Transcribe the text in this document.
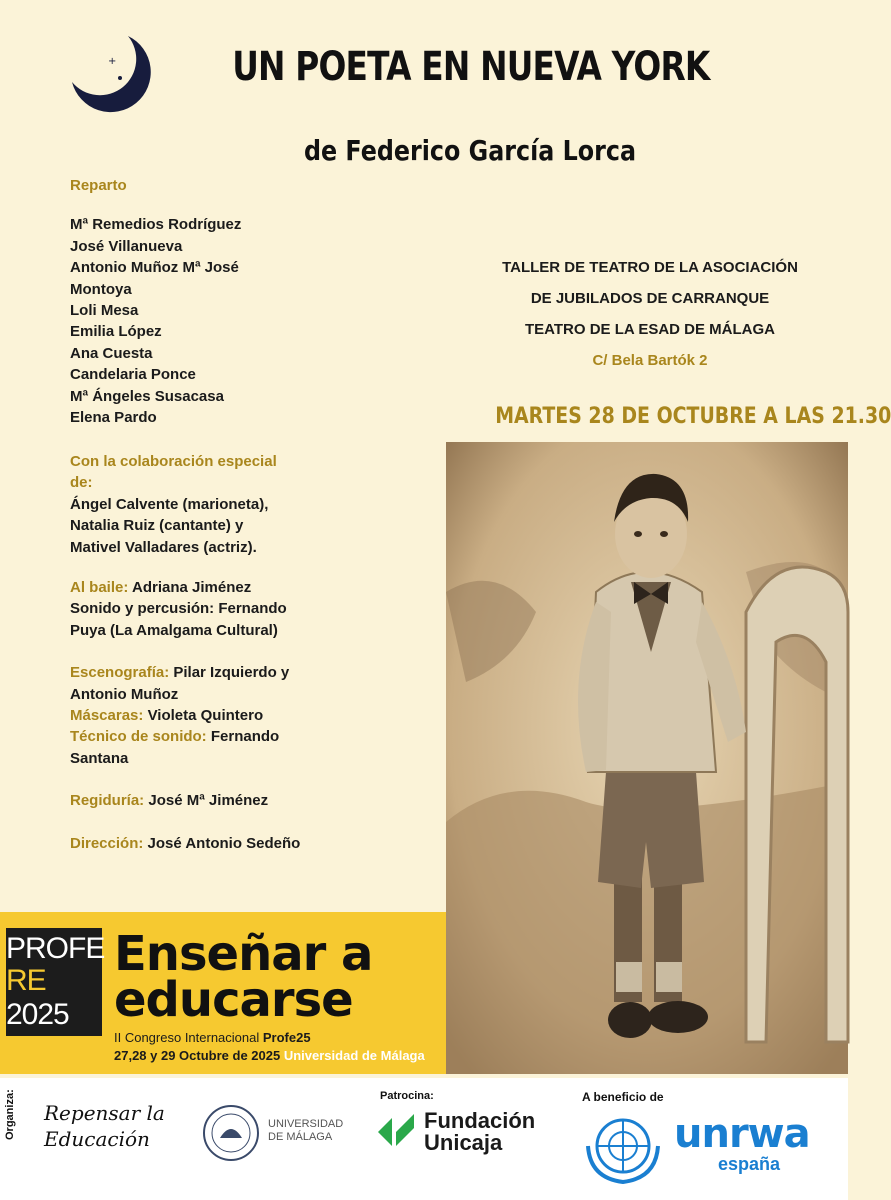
+	UN POETA EN NUEVA YORK
de Federico García Lorca
Reparto
Mª Remedios Rodríguez
José Villanueva
Antonio Muñoz Mª José
Montoya
Loli Mesa
Emilia López
Ana Cuesta
Candelaria Ponce
Mª Ángeles Susacasa
Elena Pardo
Con la colaboración especial
de:
Ángel Calvente (marioneta),
Natalia Ruiz (cantante) y
Mativel Valladares (actriz).
Al baile: Adriana Jiménez
Sonido y percusión: Fernando
Puya (La Amalgama Cultural)
Escenografía: Pilar Izquierdo y
Antonio Muñoz
Máscaras: Violeta Quintero
Técnico de sonido: Fernando
Santana
Regiduría: José Mª Jiménez
Dirección: José Antonio Sedeño
TALLER DE TEATRO DE LA ASOCIACIÓN
DE JUBILADOS DE CARRANQUE
TEATRO DE LA ESAD DE MÁLAGA
C/ Bela Bartók 2
MARTES 28 DE OCTUBRE A LAS 21.30
PROFE
RE
2025
Enseñar a
educarse
II Congreso Internacional Profe25
27,28 y 29 Octubre de 2025 Universidad de Málaga
Organiza: Repensar la
Educación
UNIVERSIDAD
DE MÁLAGA
Patrocina:
Fundación
Unicaja
A beneficio de
unrwa
españa
